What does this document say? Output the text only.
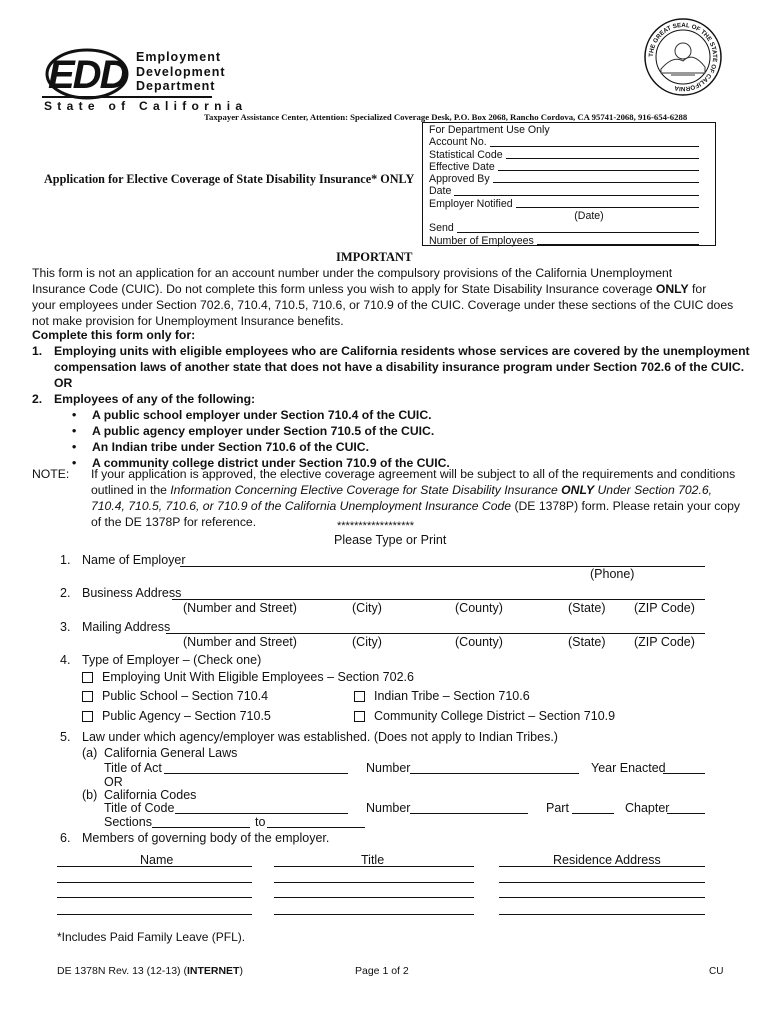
EDD Employment
Development
Department
State of California
THE GREAT SEAL OF THE STATE OF CALIFORNIA
Taxpayer Assistance Center, Attention: Specialized Coverage Desk, P.O. Box 2068, Rancho Cordova, CA 95741-2068, 916-654-6288
For Department Use Only
Account No.
Statistical Code
Effective Date
Approved By
Date
Employer Notified
(Date)
Send
Number of Employees
Application for Elective Coverage of State Disability Insurance* ONLY
IMPORTANT
This form is not an application for an account number under the compulsory provisions of the California Unemployment
Insurance Code (CUIC). Do not complete this form unless you wish to apply for State Disability Insurance coverage ONLY for
your employees under Section 702.6, 710.4, 710.5, 710.6, or 710.9 of the CUIC. Coverage under these sections of the CUIC does
not make provision for Unemployment Insurance benefits.
Complete this form only for:
1. Employing units with eligible employees who are California residents whose services are covered by the unemployment
compensation laws of another state that does not have a disability insurance program under Section 702.6 of the CUIC.
OR
2. Employees of any of the following:
• A public school employer under Section 710.4 of the CUIC.
• A public agency employer under Section 710.5 of the CUIC.
• An Indian tribe under Section 710.6 of the CUIC.
• A community college district under Section 710.9 of the CUIC.
NOTE: If your application is approved, the elective coverage agreement will be subject to all of the requirements and conditions
outlined in the Information Concerning Elective Coverage for State Disability Insurance ONLY Under Section 702.6,
710.4, 710.5, 710.6, or 710.9 of the California Unemployment Insurance Code (DE 1378P) form. Please retain your copy
of the DE 1378P for reference.	******************
Please Type or Print
1. Name of Employer
(Phone)
2. Business Address
(Number and Street)	(City)	(County)	(State) (ZIP Code)
3. Mailing Address
(Number and Street)	(City)	(County)	(State) (ZIP Code)
4. Type of Employer – (Check one)
Employing Unit With Eligible Employees – Section 702.6
Public School – Section 710.4	Indian Tribe – Section 710.6
Public Agency – Section 710.5	Community College District – Section 710.9
5. Law under which agency/employer was established. (Does not apply to Indian Tribes.)
(a) California General Laws
Title of Act	Number	Year Enacted
OR
(b) California Codes
Title of Code	Number	Part	Chapter
Sections	to
6. Members of governing body of the employer.
Name	Title	Residence Address
*Includes Paid Family Leave (PFL).
DE 1378N Rev. 13 (12-13) (INTERNET)	Page 1 of 2	CU
